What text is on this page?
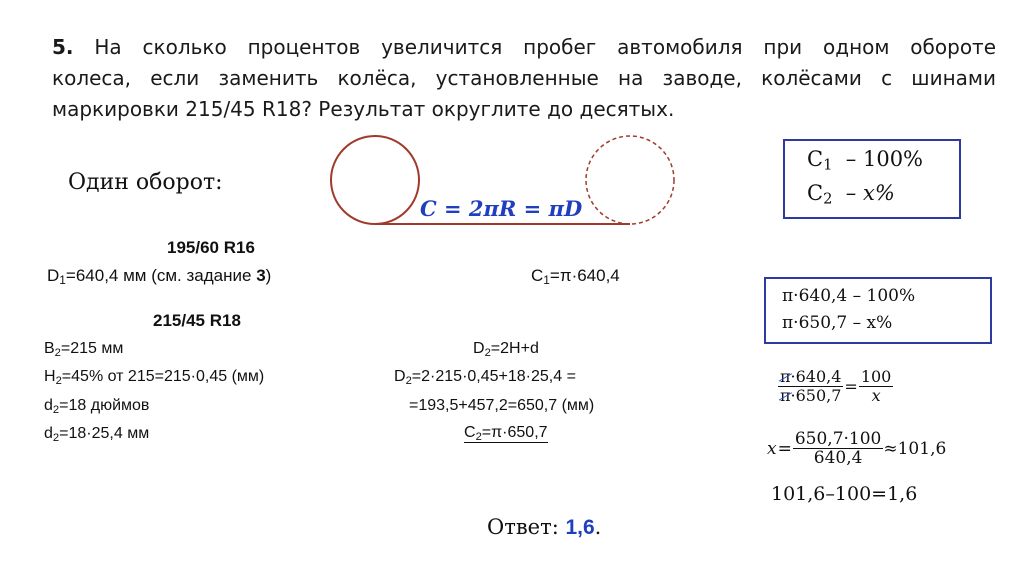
5. На сколько процентов увеличится пробег автомобиля при одном обороте
колеса, если заменить колёса, установленные на заводе, колёсами с шинами
маркировки 215/45 R18? Результат округлите до десятых.
Один оборот:
C = 2πR = πD
$C_1 - 100\%$
$C_2 - x\%$
195/60 R16
$D_1=640,4$ мм (см. задание 3)	$C_1=\pi\cdot 640,4$
215/45 R18
$B_2=215$ мм
$H_2=45\%$ от 215=215·0,45 (мм)
$d_2=18$ дюймов
$d_2=18\cdot 25,4$ мм
$D_2=2H+d$
$D_2=2\cdot 215\cdot 0,45+18\cdot 25,4$ =
=193,5+457,2=650,7 (мм)
$C_2=\pi\cdot 650,7$
π·640,4 – 100%
π·650,7 – x%
$\frac{\pi\cdot 640,4}{\pi\cdot 650,7} = \frac{100}{x}$
$x = \frac{650,7\cdot 100}{640,4} \approx 101,6$
101,6–100=1,6
Ответ: 1,6.
